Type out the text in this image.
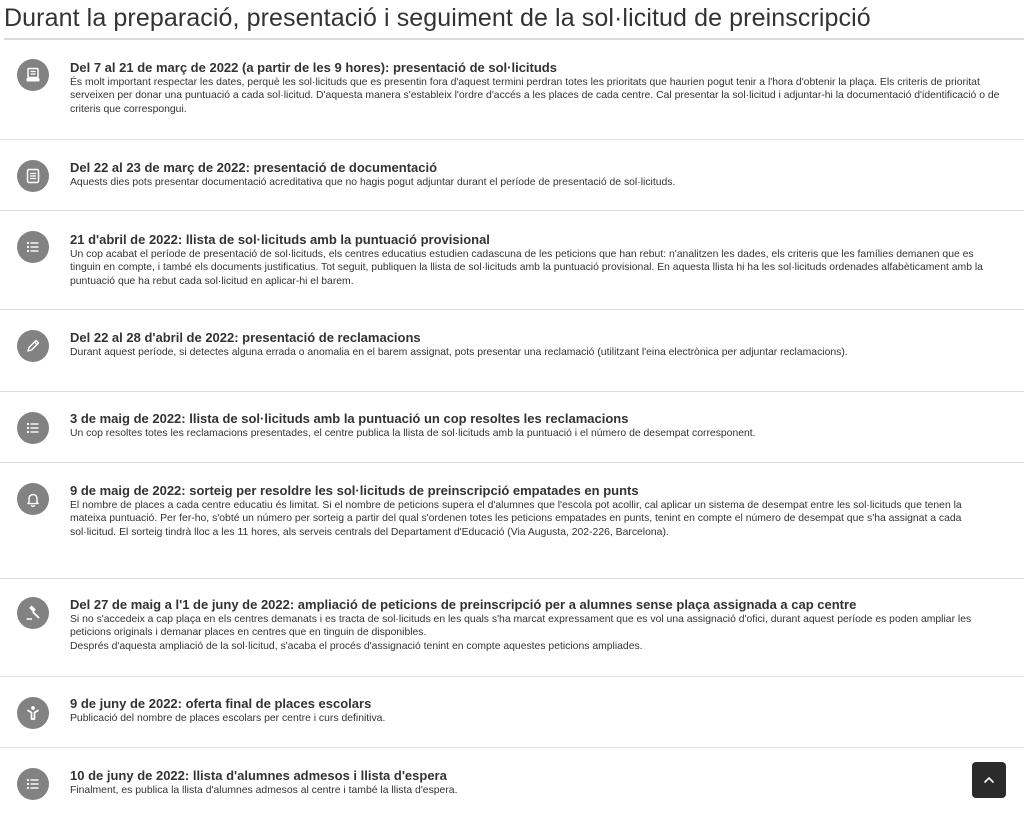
Durant la preparació, presentació i seguiment de la sol·licitud de preinscripció

Del 7 al 21 de març de 2022 (a partir de les 9 hores): presentació de sol·licituds

És molt important respectar les dates, perquè les sol·licituds que es presentin fora d'aquest termini perdran totes les prioritats que haurien pogut tenir a l'hora d'obtenir la plaça. Els criteris de prioritat serveixen per donar una puntuació a cada sol·licitud. D'aquesta manera s'estableix l'ordre d'accés a les places de cada centre. Cal presentar la sol·licitud i adjuntar-hi la documentació d'identificació o de criteris que correspongui.

Del 22 al 23 de març de 2022: presentació de documentació

Aquests dies pots presentar documentació acreditativa que no hagis pogut adjuntar durant el període de presentació de sol·licituds.

21 d'abril de 2022: llista de sol·licituds amb la puntuació provisional

Un cop acabat el període de presentació de sol·licituds, els centres educatius estudien cadascuna de les peticions que han rebut: n'analitzen les dades, els criteris que les famílies demanen que es tinguin en compte, i també els documents justificatius. Tot seguit, publiquen la llista de sol·licituds amb la puntuació provisional. En aquesta llista hi ha les sol·licituds ordenades alfabèticament amb la puntuació que ha rebut cada sol·licitud en aplicar-hi el barem.

Del 22 al 28 d'abril de 2022: presentació de reclamacions

Durant aquest període, si detectes alguna errada o anomalia en el barem assignat, pots presentar una reclamació (utilitzant l'eina electrònica per adjuntar reclamacions).

3 de maig de 2022: llista de sol·licituds amb la puntuació un cop resoltes les reclamacions

Un cop resoltes totes les reclamacions presentades, el centre publica la llista de sol·licituds amb la puntuació i el número de desempat corresponent.

9 de maig de 2022: sorteig per resoldre les sol·licituds de preinscripció empatades en punts

El nombre de places a cada centre educatiu és limitat. Si el nombre de peticions supera el d'alumnes que l'escola pot acollir, cal aplicar un sistema de desempat entre les sol·licituds que tenen la mateixa puntuació. Per fer-ho, s'obté un número per sorteig a partir del qual s'ordenen totes les peticions empatades en punts, tenint en compte el número de desempat que s'ha assignat a cada sol·licitud. El sorteig tindrà lloc a les 11 hores, als serveis centrals del Departament d'Educació (Via Augusta, 202-226, Barcelona).

Del 27 de maig a l'1 de juny de 2022: ampliació de peticions de preinscripció per a alumnes sense plaça assignada a cap centre

Si no s'accedeix a cap plaça en els centres demanats i es tracta de sol·licituds en les quals s'ha marcat expressament que es vol una assignació d'ofici, durant aquest període es poden ampliar les peticions originals i demanar places en centres que en tinguin de disponibles.

Després d'aquesta ampliació de la sol·licitud, s'acaba el procés d'assignació tenint en compte aquestes peticions ampliades.

9 de juny de 2022: oferta final de places escolars

Publicació del nombre de places escolars per centre i curs definitiva.

10 de juny de 2022: llista d'alumnes admesos i llista d'espera

Finalment, es publica la llista d'alumnes admesos al centre i també la llista d'espera.
